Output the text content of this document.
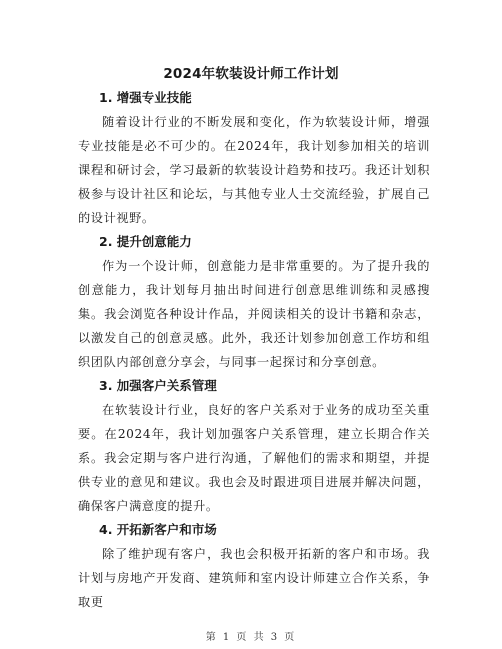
2024年软装设计师工作计划
1. 增强专业技能
随着设计行业的不断发展和变化，作为软装设计师，增强专业技能是必不可少的。在2024年，我计划参加相关的培训课程和研讨会，学习最新的软装设计趋势和技巧。我还计划积极参与设计社区和论坛，与其他专业人士交流经验，扩展自己的设计视野。
2. 提升创意能力
作为一个设计师，创意能力是非常重要的。为了提升我的创意能力，我计划每月抽出时间进行创意思维训练和灵感搜集。我会浏览各种设计作品，并阅读相关的设计书籍和杂志，以激发自己的创意灵感。此外，我还计划参加创意工作坊和组织团队内部创意分享会，与同事一起探讨和分享创意。
3. 加强客户关系管理
在软装设计行业，良好的客户关系对于业务的成功至关重要。在2024年，我计划加强客户关系管理，建立长期合作关系。我会定期与客户进行沟通，了解他们的需求和期望，并提供专业的意见和建议。我也会及时跟进项目进展并解决问题，确保客户满意度的提升。
4. 开拓新客户和市场
除了维护现有客户，我也会积极开拓新的客户和市场。我计划与房地产开发商、建筑师和室内设计师建立合作关系，争取更
第 1 页 共 3 页
